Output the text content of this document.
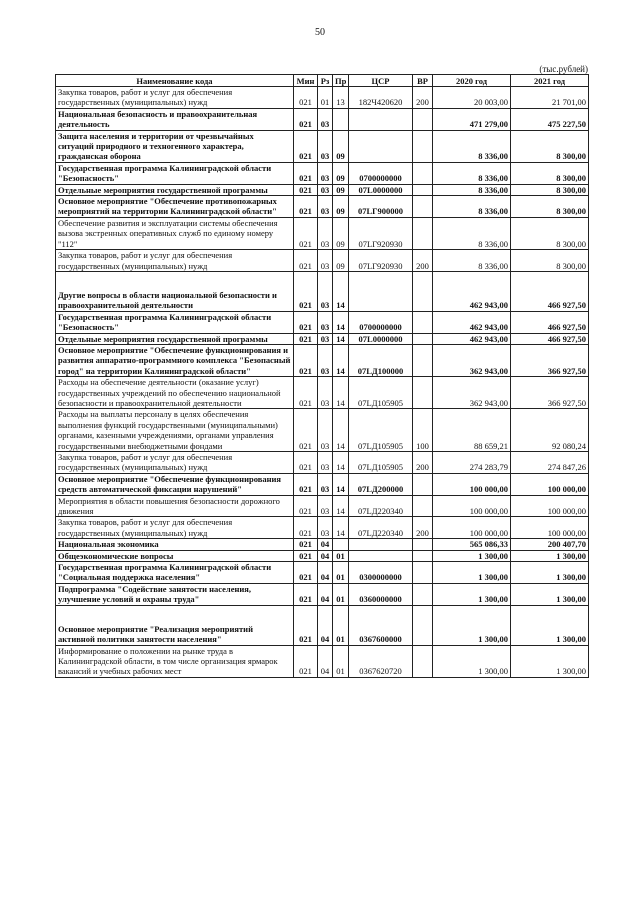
50
(тыс.рублей)
Наименование кода	Мин	Рз	Пр	ЦСР	ВР	2020 год	2021 год
Закупка товаров, работ и услуг для обеспечения государственных (муниципальных) нужд	021	01	13	182Ч420620	200	20 003,00	21 701,00
Национальная безопасность и правоохранительная деятельность	021	03				471 279,00	475 227,50
Защита населения и территории от чрезвычайных ситуаций природного и техногенного характера, гражданская оборона	021	03	09			8 336,00	8 300,00
Государственная программа Калининградской области "Безопасность"	021	03	09	0700000000		8 336,00	8 300,00
Отдельные мероприятия государственной программы	021	03	09	07L0000000		8 336,00	8 300,00
Основное мероприятие "Обеспечение противопожарных мероприятий на территории Калининградской области"	021	03	09	07LГ900000		8 336,00	8 300,00
Обеспечение развития и эксплуатации системы обеспечения вызова экстренных оперативных служб по единому номеру "112"	021	03	09	07LГ920930		8 336,00	8 300,00
Закупка товаров, работ и услуг для обеспечения государственных (муниципальных) нужд	021	03	09	07LГ920930	200	8 336,00	8 300,00
Другие вопросы в области национальной безопасности и правоохранительной деятельности	021	03	14			462 943,00	466 927,50
Государственная программа Калининградской области "Безопасность"	021	03	14	0700000000		462 943,00	466 927,50
Отдельные мероприятия государственной программы	021	03	14	07L0000000		462 943,00	466 927,50
Основное мероприятие "Обеспечение функционирования и развития аппаратно-программного комплекса "Безопасный город" на территории Калининградской области"	021	03	14	07LД100000		362 943,00	366 927,50
Расходы на обеспечение деятельности (оказание услуг) государственных учреждений по обеспечению национальной безопасности и правоохранительной деятельности	021	03	14	07LД105905		362 943,00	366 927,50
Расходы на выплаты персоналу в целях обеспечения выполнения функций государственными (муниципальными) органами, казенными учреждениями, органами управления государственными внебюджетными фондами	021	03	14	07LД105905	100	88 659,21	92 080,24
Закупка товаров, работ и услуг для обеспечения государственных (муниципальных) нужд	021	03	14	07LД105905	200	274 283,79	274 847,26
Основное мероприятие "Обеспечение функционирования средств автоматической фиксации нарушений"	021	03	14	07LД200000		100 000,00	100 000,00
Мероприятия в области повышения безопасности дорожного движения	021	03	14	07LД220340		100 000,00	100 000,00
Закупка товаров, работ и услуг для обеспечения государственных (муниципальных) нужд	021	03	14	07LД220340	200	100 000,00	100 000,00
Национальная экономика	021	04				565 086,33	200 407,70
Общеэкономические вопросы	021	04	01			1 300,00	1 300,00
Государственная программа Калининградской области "Социальная поддержка населения"	021	04	01	0300000000		1 300,00	1 300,00
Подпрограмма "Содействие занятости населения, улучшение условий и охраны труда"	021	04	01	0360000000		1 300,00	1 300,00
Основное мероприятие "Реализация мероприятий активной политики занятости населения"	021	04	01	0367600000		1 300,00	1 300,00
Информирование о положении на рынке труда в Калининградской области, в том числе организация ярмарок вакансий и учебных рабочих мест	021	04	01	0367620720		1 300,00	1 300,00
